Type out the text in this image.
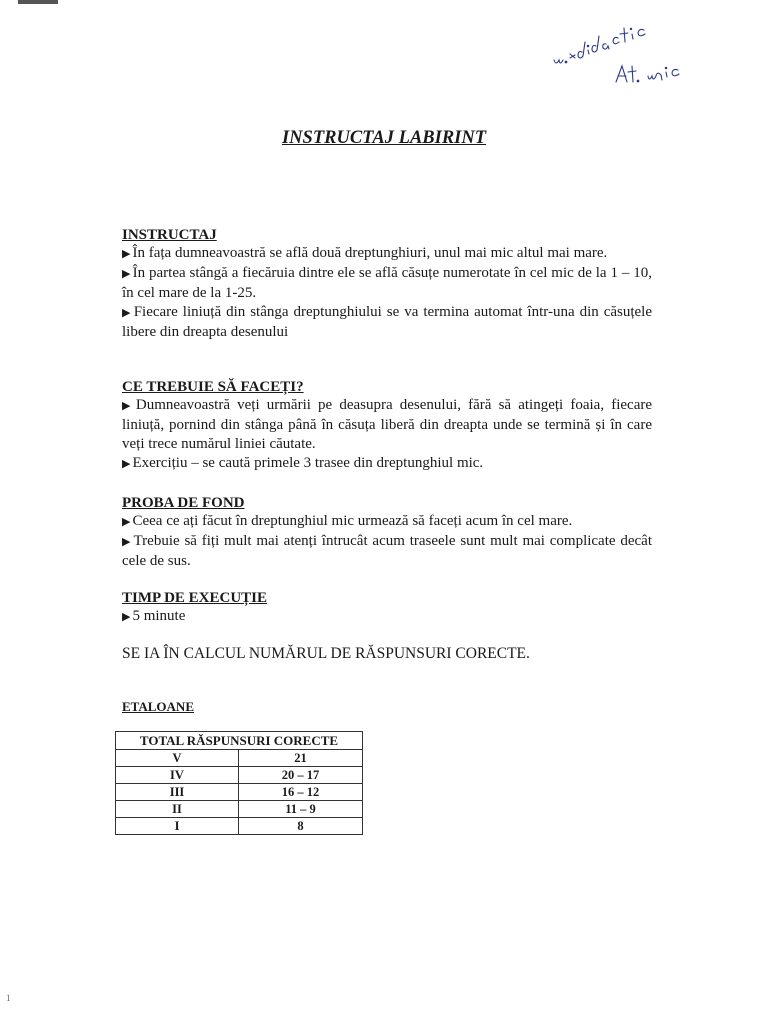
INSTRUCTAJ LABIRINT
INSTRUCTAJ
▶ În fața dumneavoastră se află două dreptunghiuri, unul mai mic altul mai mare.
▶ În partea stângă a fiecăruia dintre ele se află căsuțe numerotate în cel mic de la 1 – 10, în cel mare de la 1-25.
▶ Fiecare liniuță din stânga dreptunghiului se va termina automat într-una din căsuțele libere din dreapta desenului
CE TREBUIE SĂ FACEȚI?
▶ Dumneavoastră veți urmării pe deasupra desenului, fără să atingeți foaia, fiecare liniuță, pornind din stânga până în căsuța liberă din dreapta unde se termină și în care veți trece numărul liniei căutate.
▶ Exercițiu – se caută primele 3 trasee din dreptunghiul mic.
PROBA DE FOND
▶ Ceea ce ați făcut în dreptunghiul mic urmează să faceți acum în cel mare.
▶ Trebuie să fiți mult mai atenți întrucât acum traseele sunt mult mai complicate decât cele de sus.
TIMP DE EXECUȚIE
▶ 5 minute
SE IA ÎN CALCUL NUMĂRUL DE RĂSPUNSURI CORECTE.
ETALOANE
TOTAL RĂSPUNSURI CORECTE	
V	21
IV	20 – 17
III	16 – 12
II	11 – 9
I	8
1
